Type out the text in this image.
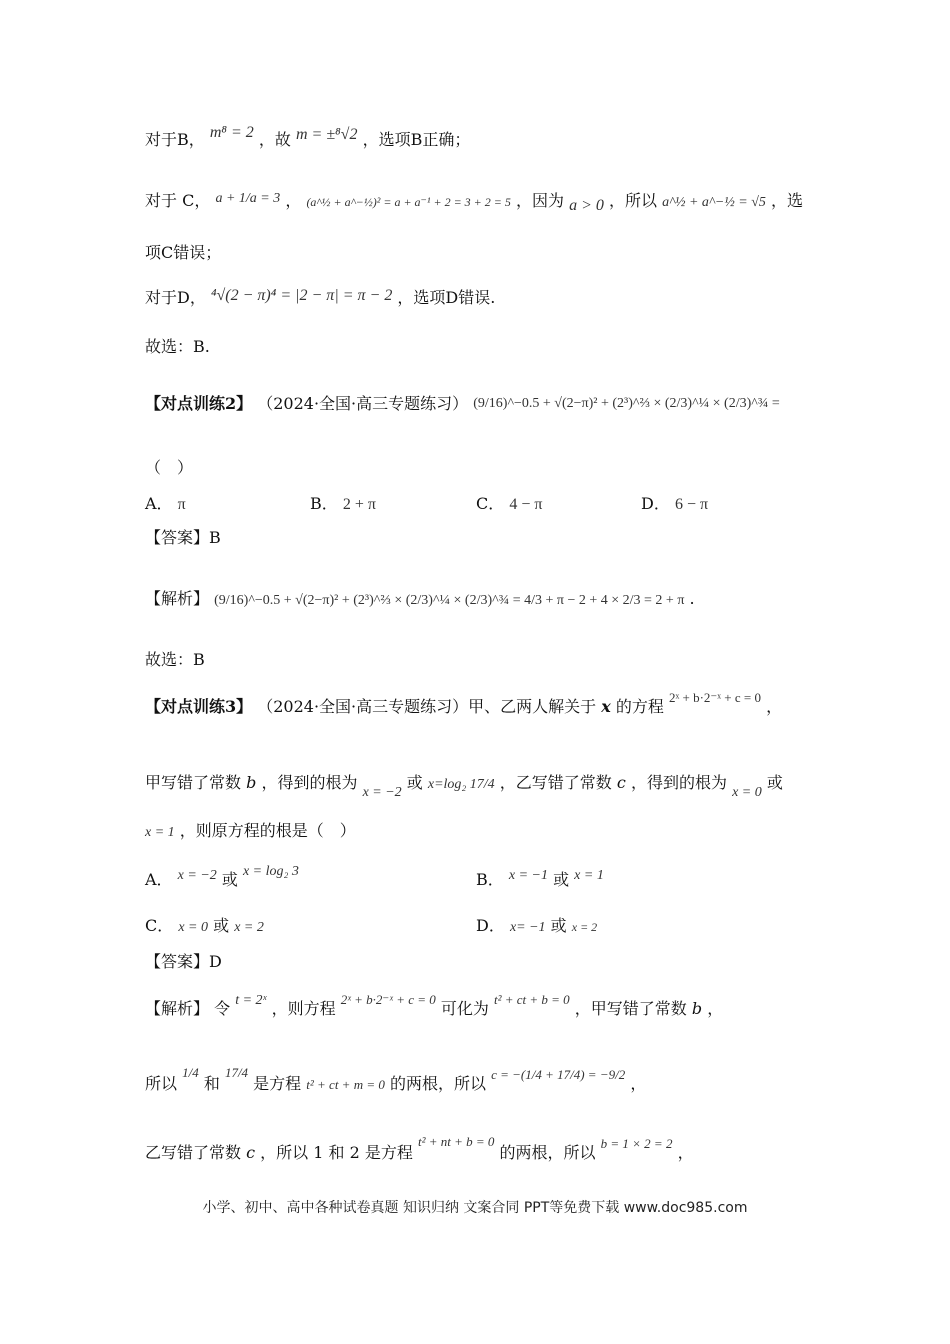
对于B， m⁸ = 2 ，故 m = ±⁸√2 ，选项B正确；
对于 C， a + 1/a = 3 ， (a^½ + a^−½)² = a + a⁻¹ + 2 = 3 + 2 = 5 ，因为 a > 0 ，所以 a^½ + a^−½ = √5 ，选
项C错误；
对于D， ⁴√(2 − π)⁴ = |2 − π| = π − 2 ，选项D错误.
故选：B.
【对点训练2】 （2024·全国·高三专题练习） (9/16)^−0.5 + √(2−π)² + (2³)^⅔ × (2/3)^¼ × (2/3)^¾ =
（　）
A． π	B． 2 + π	C． 4 − π	D． 6 − π
【答案】B
【解析】 (9/16)^−0.5 + √(2−π)² + (2³)^⅔ × (2/3)^¼ × (2/3)^¾ = 4/3 + π − 2 + 4 × 2/3 = 2 + π .
故选：B
【对点训练3】 （2024·全国·高三专题练习）甲、乙两人解关于 x 的方程 $^{2ˣ + b\cdot 2^-ˣ + c = 0}$ ，
甲写错了常数 b ，得到的根为 x = −2 或 x=log₂ 17/4 ，乙写错了常数 c ，得到的根为 x = 0 或
x = 1 ，则原方程的根是（　）
A． x = −2 或 x = log₂ 3	B． x = −1 或 x = 1
C． x = 0 或 x = 2	D． x= −1 或 x = 2
【答案】D
【解析】 令 t = 2ˣ ，则方程 $^{2ˣ + b\cdot 2^-ˣ + c = 0}$ 可化为 $^{t^2 + ct + b = 0}$ ，甲写错了常数 b ，
所以 $^{1/4}$ 和 $^{17/4}$ 是方程 t² + ct + m = 0 的两根，所以 $^{c = -(1/4 + 17/4) = -9/2}$ ，
乙写错了常数 c ，所以 1 和 2 是方程 $^{t^2 + nt + b = 0}$ 的两根，所以 $^{b = 1 \times 2 = 2}$ ，
小学、初中、高中各种试卷真题 知识归纳 文案合同 PPT等免费下载 www.doc985.com
